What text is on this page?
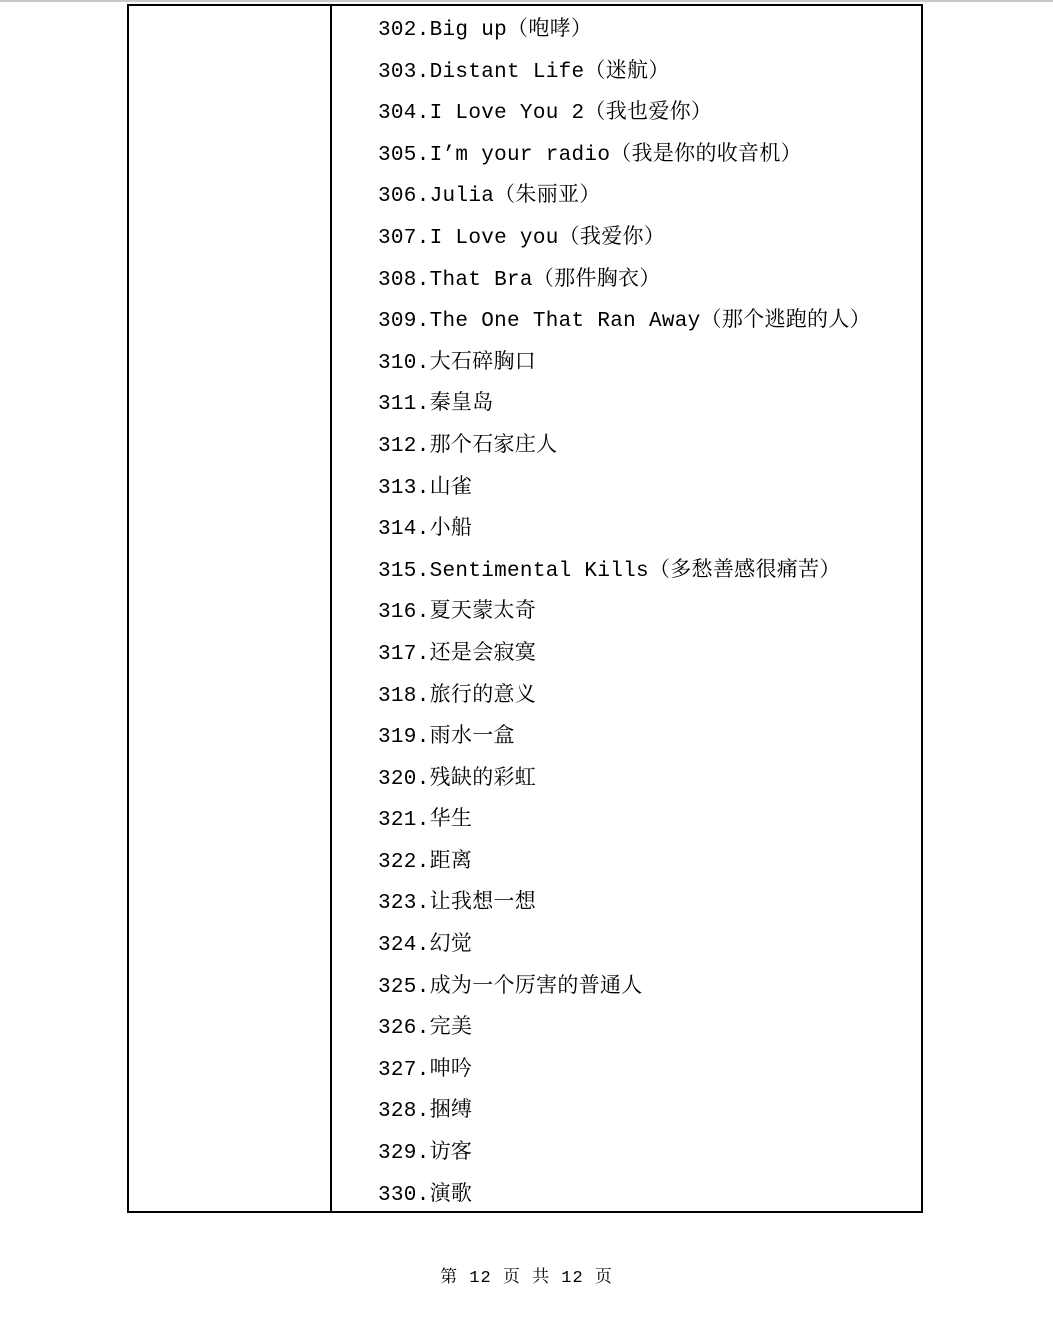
302.Big up（咆哮）
303.Distant Life（迷航）
304.I Love You 2（我也爱你）
305.I’m your radio（我是你的收音机）
306.Julia（朱丽亚）
307.I Love you（我爱你）
308.That Bra（那件胸衣）
309.The One That Ran Away（那个逃跑的人）
310.大石碎胸口
311.秦皇岛
312.那个石家庄人
313.山雀
314.小船
315.Sentimental Kills（多愁善感很痛苦）
316.夏天蒙太奇
317.还是会寂寞
318.旅行的意义
319.雨水一盒
320.残缺的彩虹
321.华生
322.距离
323.让我想一想
324.幻觉
325.成为一个厉害的普通人
326.完美
327.呻吟
328.捆缚
329.访客
330.演歌
第 12 页 共 12 页
